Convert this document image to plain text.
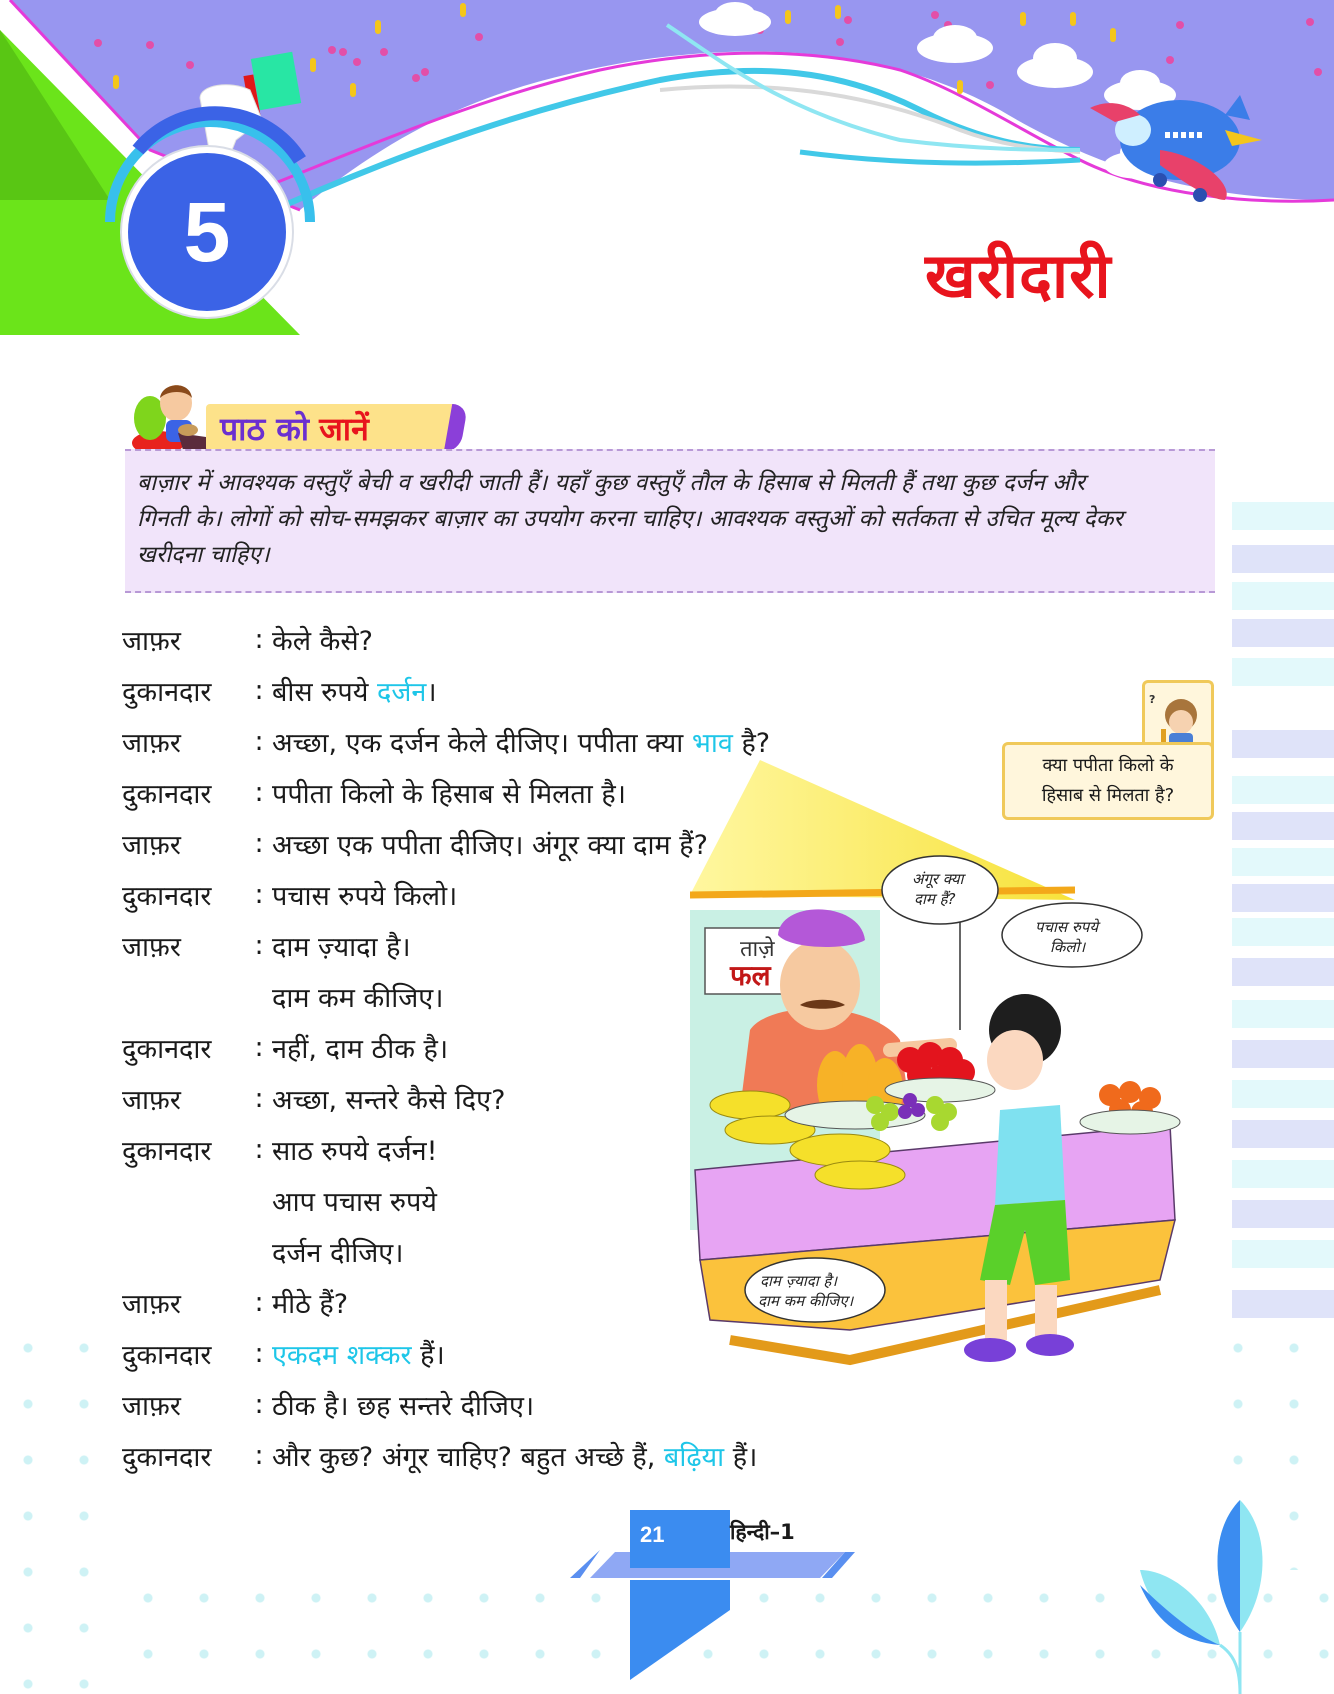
5	खरीदारी
पाठ को जानें
बाज़ार में आवश्यक वस्तुएँ बेची व खरीदी जाती हैं। यहाँ कुछ वस्तुएँ तौल के हिसाब से मिलती हैं तथा कुछ दर्जन और
गिनती के। लोगों को सोच-समझकर बाज़ार का उपयोग करना चाहिए। आवश्यक वस्तुओं को सर्तकता से उचित मूल्य देकर
खरीदना चाहिए।
ताज़े
फल
अंगूर क्या
दाम हैं?
पचास रुपये
किलो।
दाम ज़्यादा है।
दाम कम कीजिए।
जाफ़र	: केले कैसे?
दुकानदार	: बीस रुपये दर्जन।
जाफ़र	: अच्छा, एक दर्जन केले दीजिए। पपीता क्या भाव है?
दुकानदार	: पपीता किलो के हिसाब से मिलता है।
जाफ़र	: अच्छा एक पपीता दीजिए। अंगूर क्या दाम हैं?
दुकानदार	: पचास रुपये किलो।
जाफ़र	: दाम ज़्यादा है।
दाम कम कीजिए।
दुकानदार	: नहीं, दाम ठीक है।
जाफ़र	: अच्छा, सन्तरे कैसे दिए?
दुकानदार	: साठ रुपये दर्जन!
आप पचास रुपये
दर्जन दीजिए।
जाफ़र	: मीठे हैं?
दुकानदार	: एकदम शक्कर हैं।
जाफ़र	: ठीक है। छह सन्तरे दीजिए।
दुकानदार	: और कुछ? अंगूर चाहिए? बहुत अच्छे हैं, बढ़िया हैं।
?
क्या पपीता किलो के
हिसाब से मिलता है?
21	हिन्दी–1
